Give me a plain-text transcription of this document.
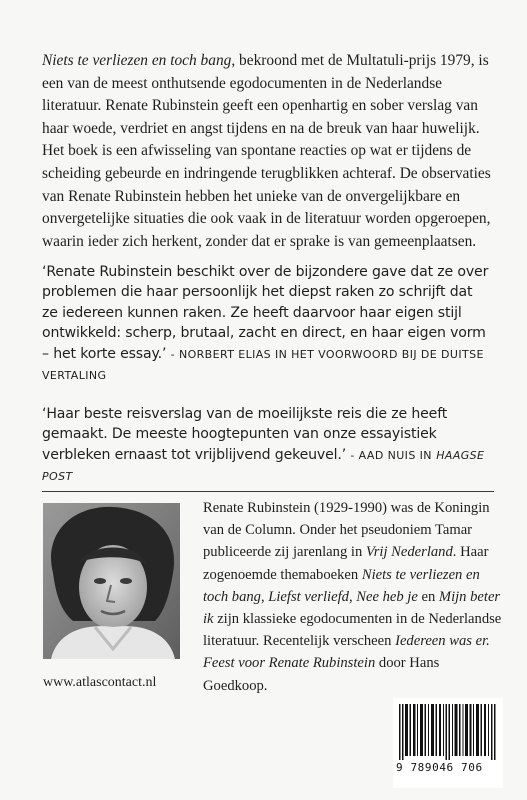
Niets te verliezen en toch bang, bekroond met de Multatuli-prijs 1979, is een van de meest onthutsende egodocumenten in de Nederlandse literatuur. Renate Rubinstein geeft een openhartig en sober verslag van haar woede, verdriet en angst tijdens en na de breuk van haar huwelijk. Het boek is een afwisseling van spontane reacties op wat er tijdens de scheiding gebeurde en indringende terugblikken achteraf. De observaties van Renate Rubinstein hebben het unieke van de onvergelijkbare en onvergetelijke situaties die ook vaak in de literatuur worden opgeroepen, waarin ieder zich herkent, zonder dat er sprake is van gemeenplaatsen.

‘Renate Rubinstein beschikt over de bijzondere gave dat ze over problemen die haar persoonlijk het diepst raken zo schrijft dat ze iedereen kunnen raken. Ze heeft daarvoor haar eigen stijl ontwikkeld: scherp, brutaal, zacht en direct, en haar eigen vorm – het korte essay.’ - NORBERT ELIAS IN HET VOORWOORD BIJ DE DUITSE VERTALING

‘Haar beste reisverslag van de moeilijkste reis die ze heeft gemaakt. De meeste hoogtepunten van onze essayistiek verbleken ernaast tot vrijblijvend gekeuvel.’ - AAD NUIS IN HAAGSE POST

Renate Rubinstein (1929-1990) was de Koningin van de Column. Onder het pseudoniem Tamar publiceerde zij jarenlang in Vrij Nederland. Haar zogenoemde themaboeken Niets te verliezen en toch bang, Liefst verliefd, Nee heb je en Mijn beter ik zijn klassieke egodocumenten in de Nederlandse literatuur. Recentelijk verscheen Iedereen was er. Feest voor Renate Rubinstein door Hans Goedkoop.

www.atlascontact.nl

9 789046 706
